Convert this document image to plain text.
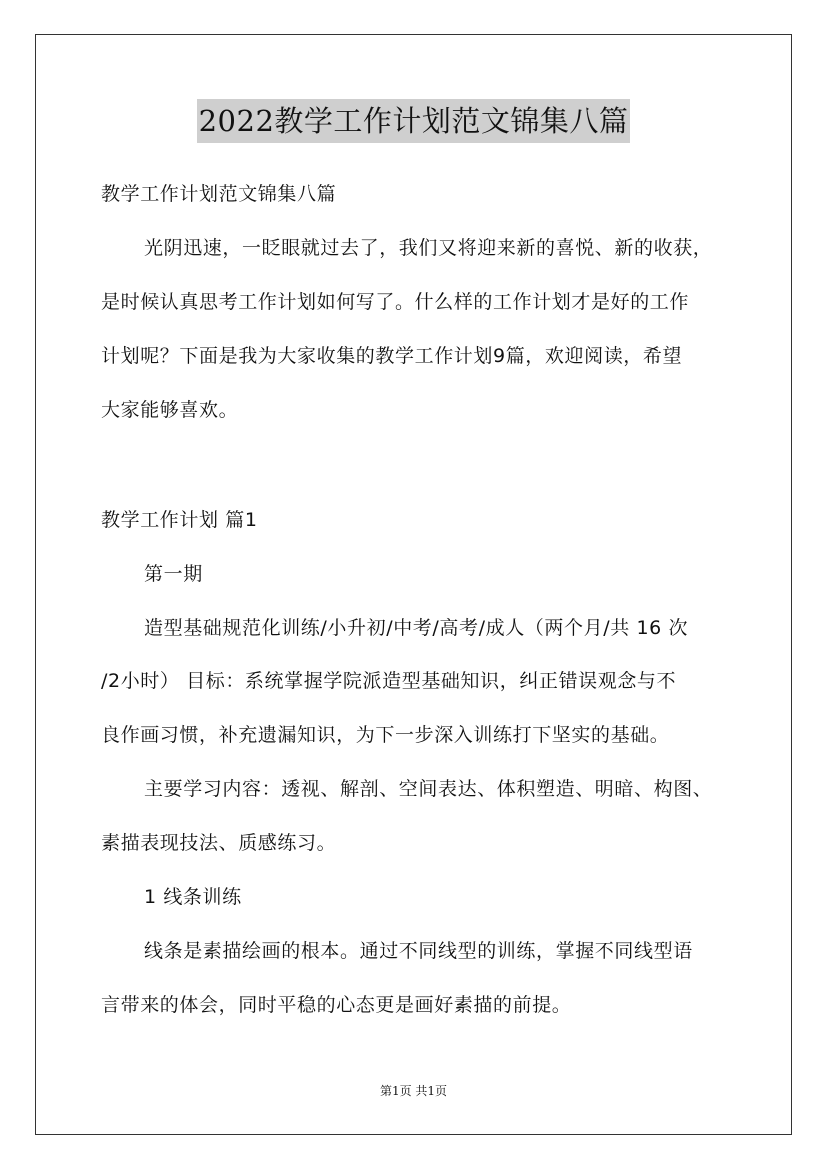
2022教学工作计划范文锦集八篇
教学工作计划范文锦集八篇
光阴迅速，一眨眼就过去了，我们又将迎来新的喜悦、新的收获，
是时候认真思考工作计划如何写了。什么样的工作计划才是好的工作
计划呢？下面是我为大家收集的教学工作计划9篇，欢迎阅读，希望
大家能够喜欢。
教学工作计划 篇1
第一期
造型基础规范化训练/小升初/中考/高考/成人（两个月/共 16 次
/2小时） 目标：系统掌握学院派造型基础知识，纠正错误观念与不
良作画习惯，补充遗漏知识，为下一步深入训练打下坚实的基础。
主要学习内容：透视、解剖、空间表达、体积塑造、明暗、构图、
素描表现技法、质感练习。
1 线条训练
线条是素描绘画的根本。通过不同线型的训练，掌握不同线型语
言带来的体会，同时平稳的心态更是画好素描的前提。
第1页 共1页
